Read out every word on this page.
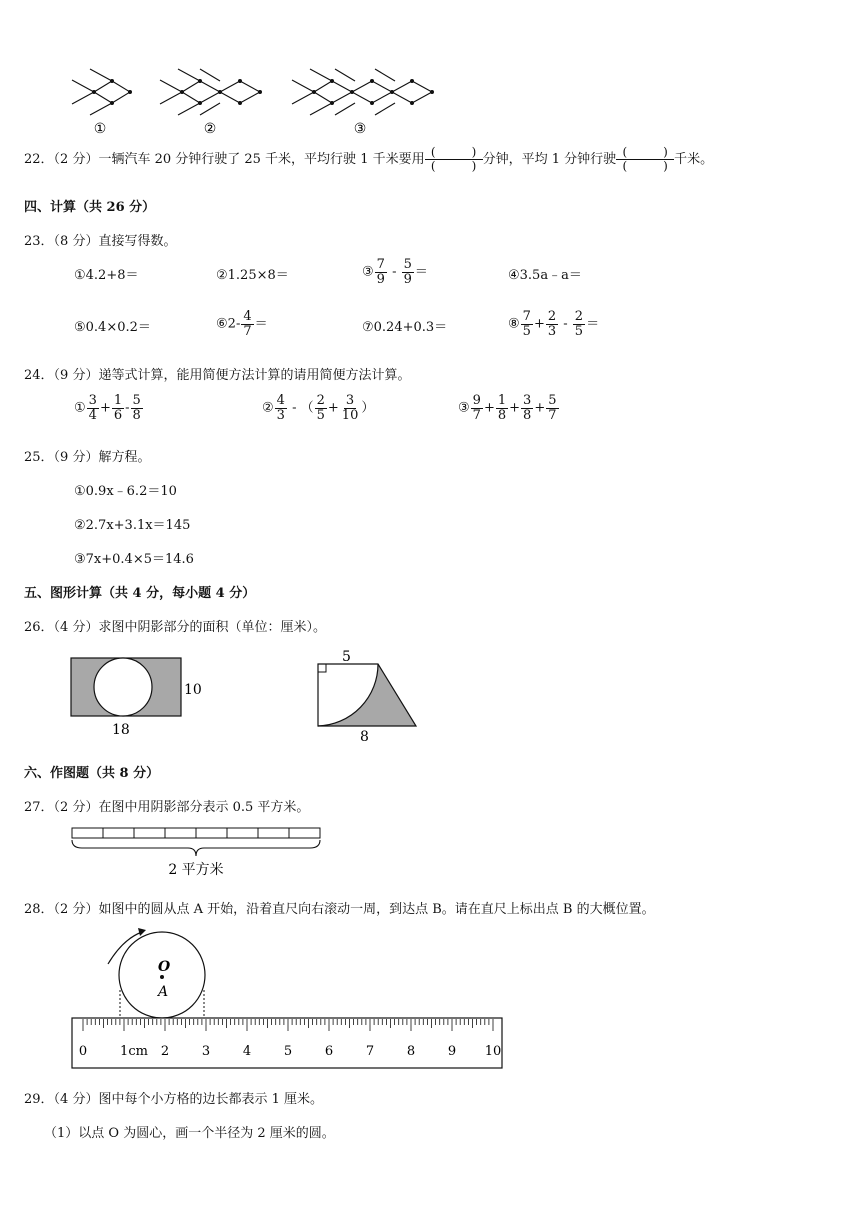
①	②	③
22．（2 分）一辆汽车 20 分钟行驶了 25 千米，平均行驶 1 千米要用
(　　　)
(　　　) 分钟，平均 1 分钟行驶
(　　　)
(　　　) 千米。
四、计算（共 26 分）
23．（8 分）直接写得数。
①4.2+8＝	②1.25×8＝	③ $\frac{7}{9} - \frac{5}{9}$ ＝	④3.5a﹣a＝
⑤0.4×0.2＝	⑥2- $\frac{4}{7}$ ＝	⑦0.24+0.3＝	⑧ $\frac{7}{5} + \frac{2}{3} - \frac{2}{5}$ ＝
24．（9 分）递等式计算，能用简便方法计算的请用简便方法计算。
① $\frac{3}{4} + \frac{1}{6} - \frac{5}{8}$	② $\frac{4}{3}$ - （ $\frac{2}{5} + \frac{3}{10}$ ）	③ $\frac{9}{7} + \frac{1}{8} + \frac{3}{8} + \frac{5}{7}$
25．（9 分）解方程。
①0.9x﹣6.2＝10
②2.7x+3.1x＝145
③7x+0.4×5＝14.6
五、图形计算（共 4 分，每小题 4 分）
26．（4 分）求图中阴影部分的面积（单位：厘米）。
10
18
5
8
六、作图题（共 8 分）
27．（2 分）在图中用阴影部分表示 0.5 平方米。
2 平方米
28．（2 分）如图中的圆从点 A 开始，沿着直尺向右滚动一周，到达点 B。请在直尺上标出点 B 的大概位置。
O
A
0	1cm 2	3	4	5	6	7	8	9 10
29．（4 分）图中每个小方格的边长都表示 1 厘米。
（1）以点 O 为圆心，画一个半径为 2 厘米的圆。
